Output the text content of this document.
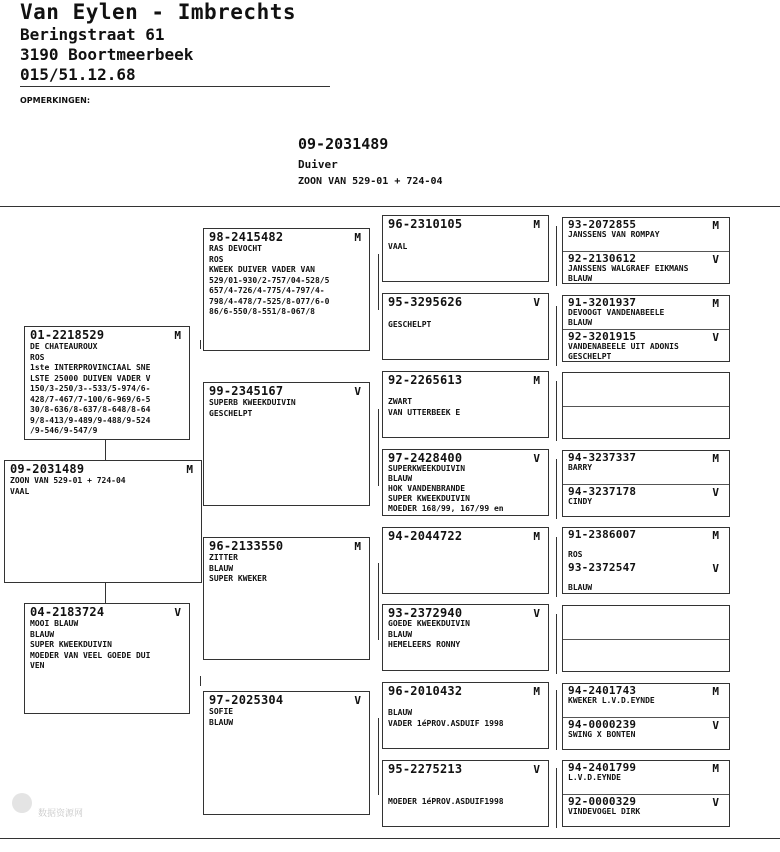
Van Eylen - Imbrechts
Beringstraat 61
3190 Boortmeerbeek
015/51.12.68
OPMERKINGEN:
09-2031489
Duiver
ZOON VAN 529-01 + 724-04
09-2031489	M
ZOON VAN 529-01 + 724-04
VAAL
01-2218529	M
DE CHATEAUROUX
ROS
1ste INTERPROVINCIAAL SNE
LSTE 25000 DUIVEN VADER V
150/3-250/3--533/5-974/6-
428/7-467/7-100/6-969/6-5
30/8-636/8-637/8-648/8-64
9/8-413/9-489/9-488/9-524
/9-546/9-547/9
04-2183724	V
MOOI BLAUW
BLAUW
SUPER KWEEKDUIVIN
MOEDER VAN VEEL GOEDE DUI
VEN
98-2415482	M
RAS DEVOCHT
ROS
KWEEK DUIVER VADER VAN
529/01-930/2-757/04-528/5
657/4-726/4-775/4-797/4-
798/4-478/7-525/8-077/6-0
86/6-550/8-551/8-067/8
99-2345167	V
SUPERB KWEEKDUIVIN
GESCHELPT
96-2133550	M
ZITTER
BLAUW
SUPER KWEKER
97-2025304	V
SOFIE
BLAUW
96-2310105	M
VAAL
95-3295626	V
GESCHELPT
92-2265613	M
ZWART
VAN UTTERBEEK E
97-2428400	V
SUPERKWEEKDUIVIN
BLAUW
HOK VANDENBRANDE
SUPER KWEEKDUIVIN
MOEDER 168/99, 167/99 en
94-2044722	M
93-2372940	V
GOEDE KWEEKDUIVIN
BLAUW
HEMELEERS RONNY
96-2010432	M
BLAUW
VADER 1éPROV.ASDUIF 1998
95-2275213	V
MOEDER 1éPROV.ASDUIF1998
93-2072855	M
JANSSENS VAN ROMPAY
92-2130612	V
JANSSENS WALGRAEF EIKMANS
BLAUW
91-3201937	M
DEVOOGT VANDENABEELE
BLAUW
92-3201915	V
VANDENABEELE UIT ADONIS
GESCHELPT
94-3237337	M
BARRY
94-3237178	V
CINDY
91-2386007	M

ROS
93-2372547	V

BLAUW
94-2401743	M
KWEKER L.V.D.EYNDE
94-0000239	V
SWING X BONTEN
94-2401799	M
L.V.D.EYNDE
92-0000329	V
VINDEVOGEL DIRK
数据资源网
